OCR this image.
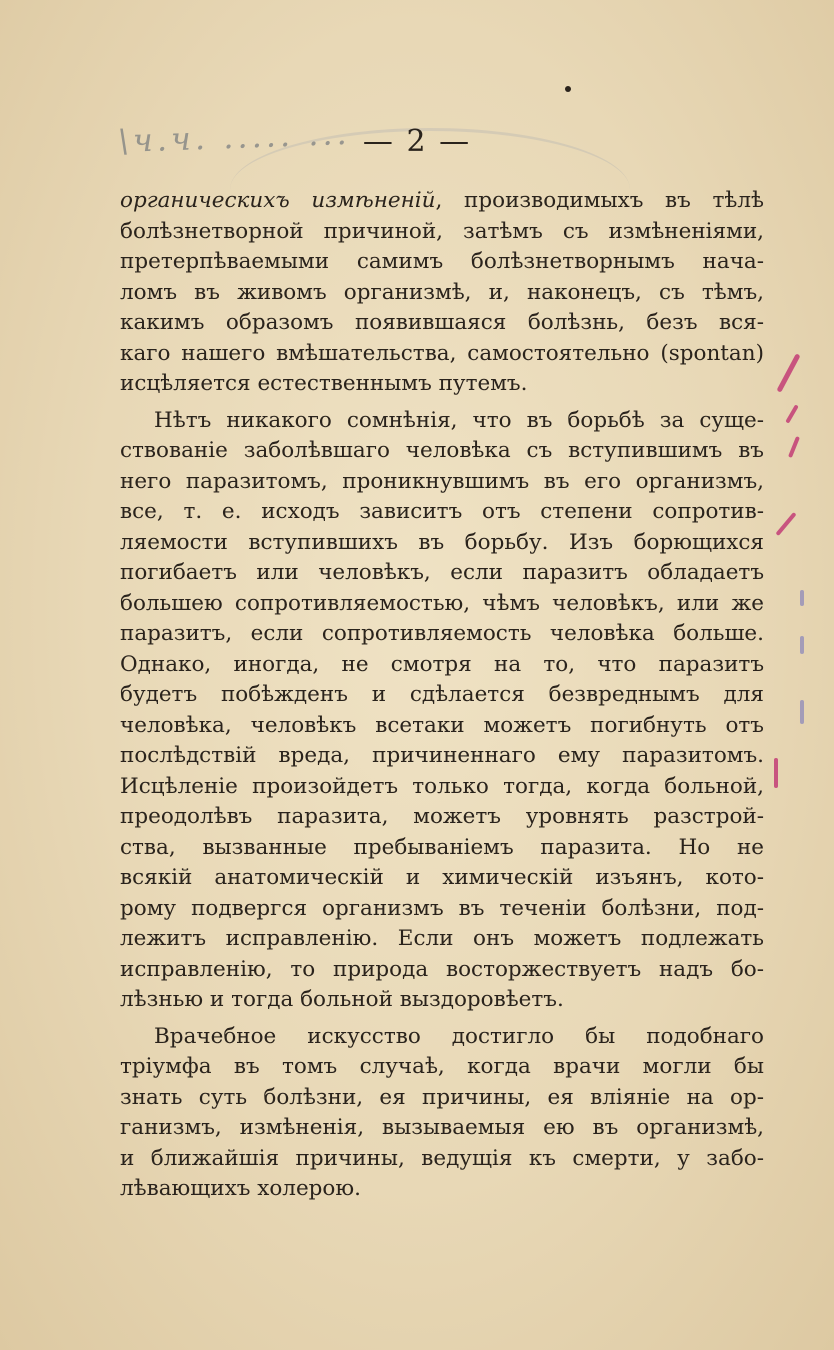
\ч.ч. ..... ... — 2 —
органическихъ измѣненій, производимыхъ въ тѣлѣ
болѣзнетворной причиной, затѣмъ съ измѣненіями,
претерпѣваемыми самимъ болѣзнетворнымъ нача-
ломъ въ живомъ организмѣ, и, наконецъ, съ тѣмъ,
какимъ образомъ появившаяся болѣзнь, безъ вся-
каго нашего вмѣшательства, самостоятельно (spontan)
исцѣляется естественнымъ путемъ.
Нѣтъ никакого сомнѣнія, что въ борьбѣ за суще-
ствованіе заболѣвшаго человѣка съ вступившимъ въ
него паразитомъ, проникнувшимъ въ его организмъ,
все, т. е. исходъ зависитъ отъ степени сопротив-
ляемости вступившихъ въ борьбу. Изъ борющихся
погибаетъ или человѣкъ, если паразитъ обладаетъ
большею сопротивляемостью, чѣмъ человѣкъ, или же
паразитъ, если сопротивляемость человѣка больше.
Однако, иногда, не смотря на то, что паразитъ
будетъ побѣжденъ и сдѣлается безвреднымъ для
человѣка, человѣкъ всетаки можетъ погибнуть отъ
послѣдствій вреда, причиненнаго ему паразитомъ.
Исцѣленіе произойдетъ только тогда, когда больной,
преодолѣвъ паразита, можетъ уровнять разстрой-
ства, вызванные пребываніемъ паразита. Но не
всякій анатомическій и химическій изъянъ, кото-
рому подвергся организмъ въ теченіи болѣзни, под-
лежитъ исправленію. Если онъ можетъ подлежать
исправленію, то природа восторжествуетъ надъ бо-
лѣзнью и тогда больной выздоровѣетъ.
Врачебное искусство достигло бы подобнаго
тріумфа въ томъ случаѣ, когда врачи могли бы
знать суть болѣзни, ея причины, ея вліяніе на ор-
ганизмъ, измѣненія, вызываемыя ею въ организмѣ,
и ближайшія причины, ведущія къ смерти, у забо-
лѣвающихъ холерою.
